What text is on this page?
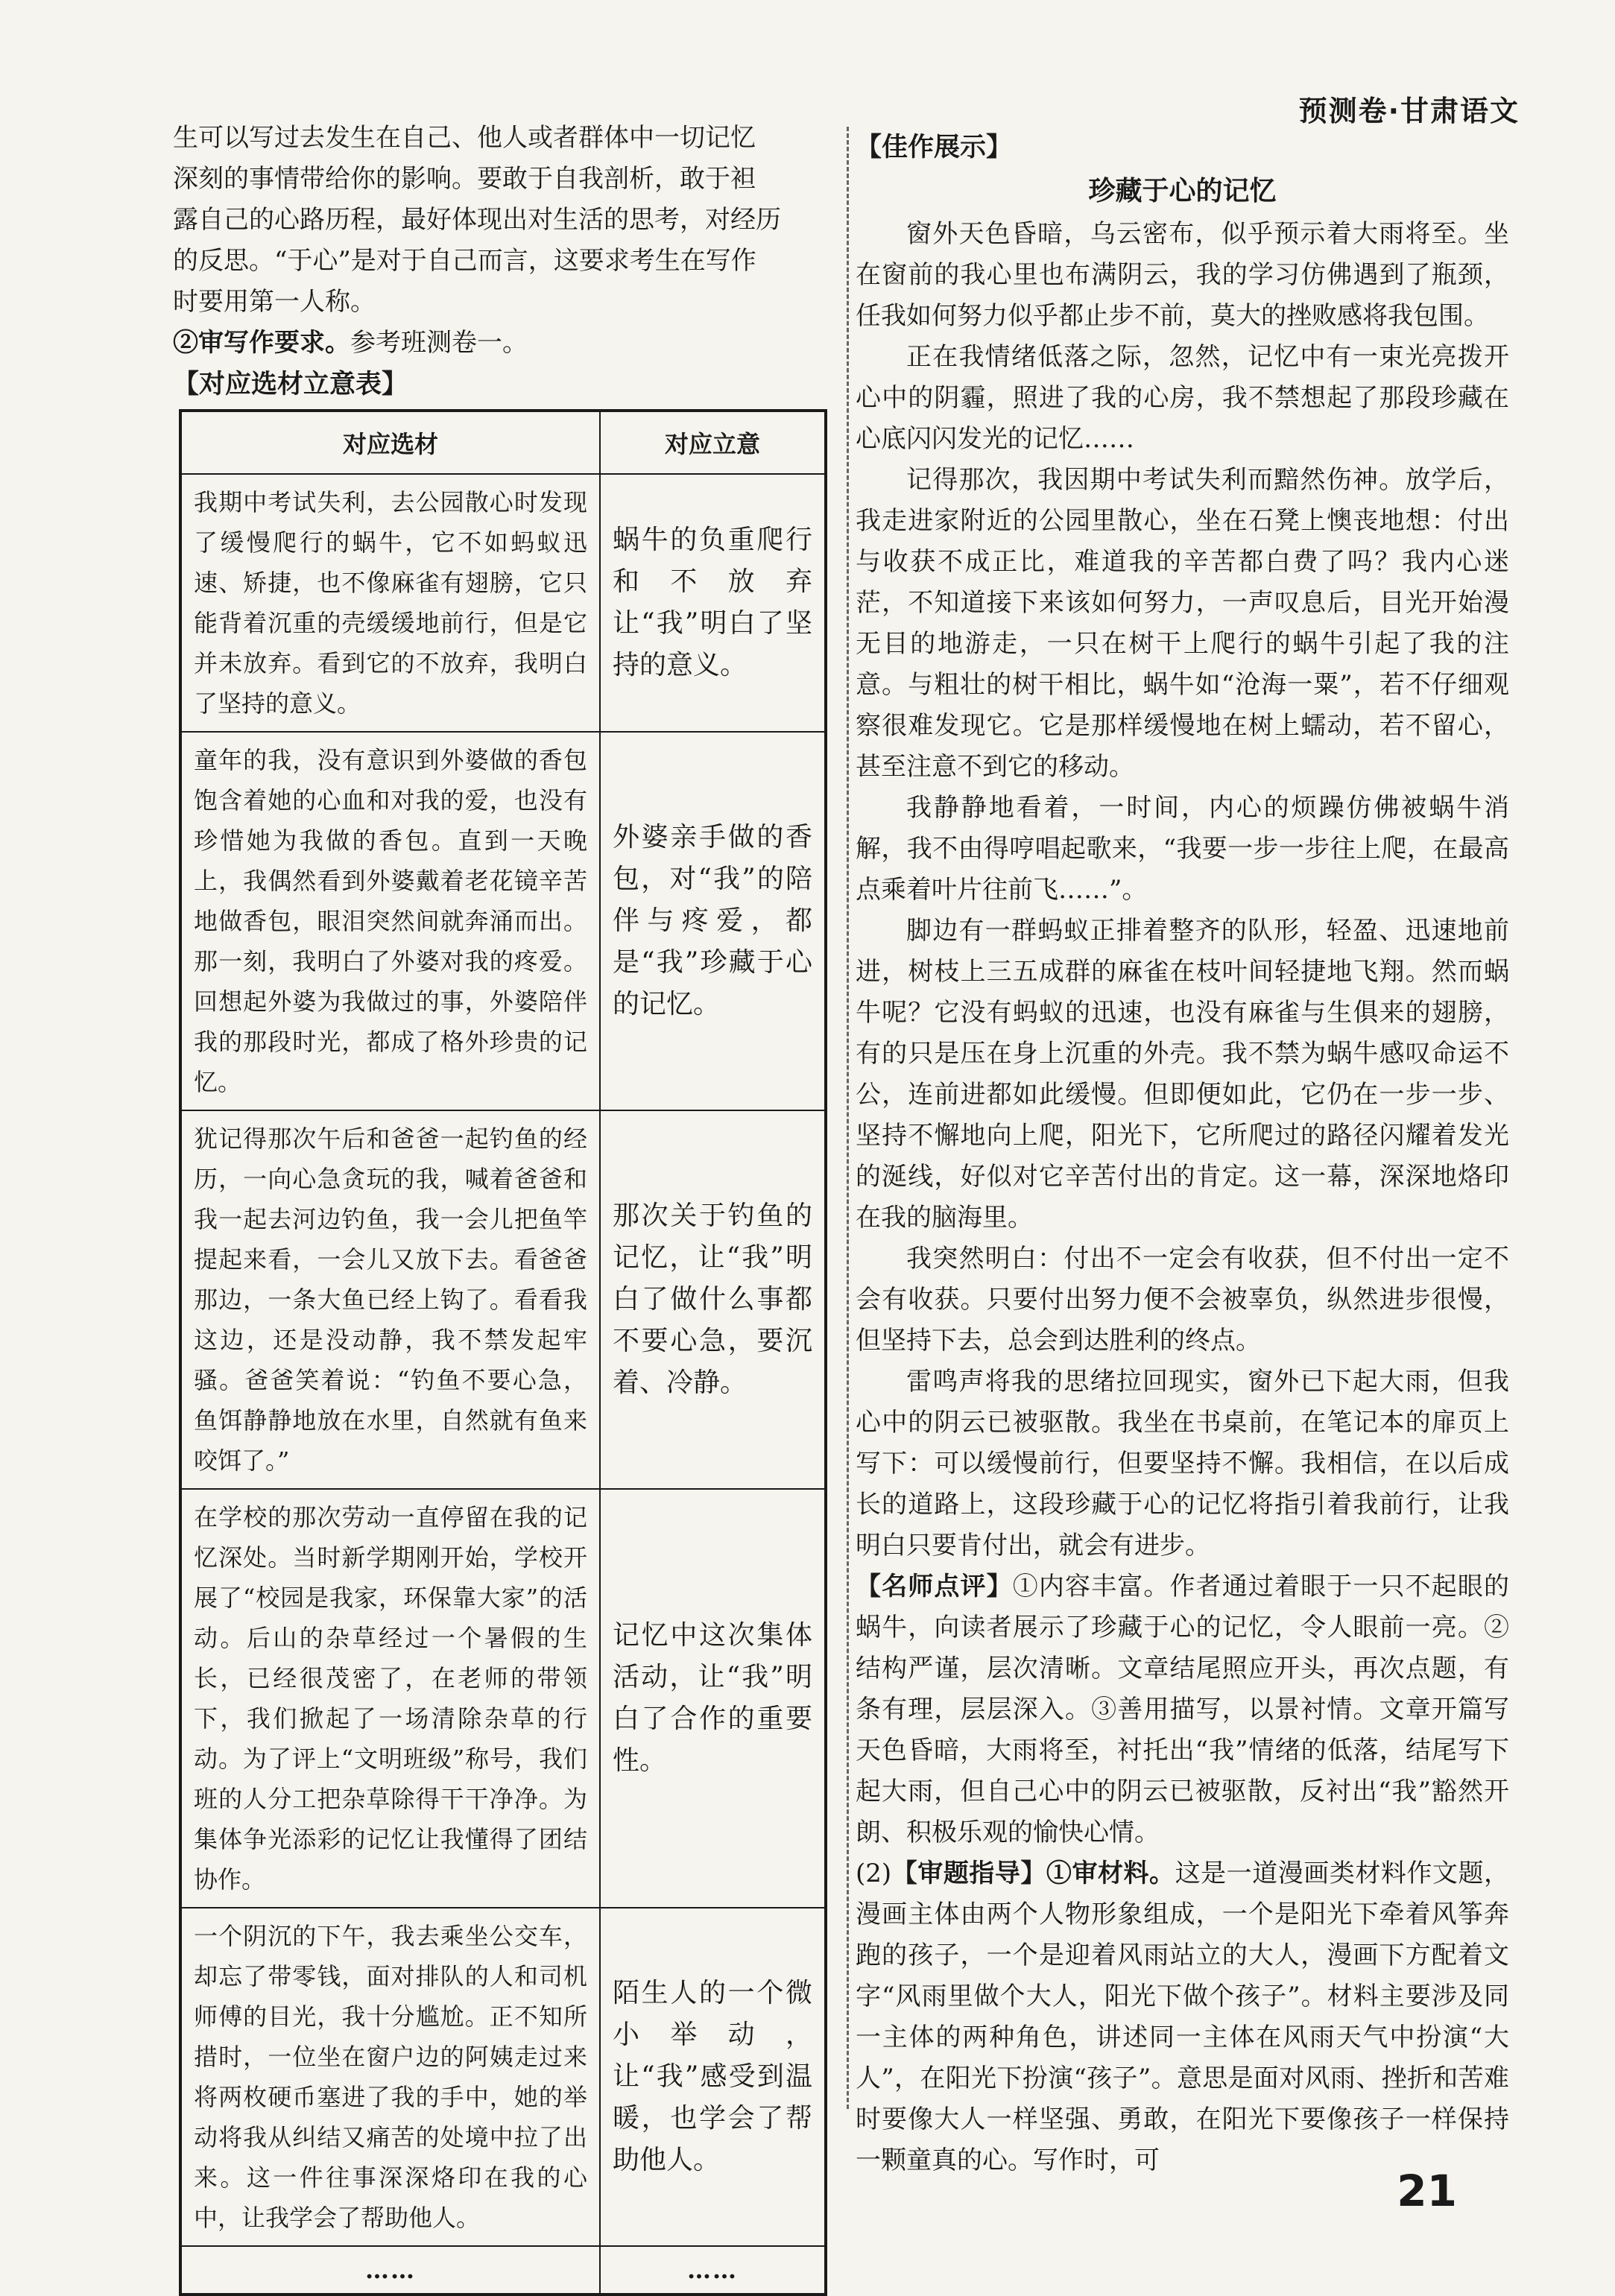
预测卷·甘肃语文

生可以写过去发生在自己、他人或者群体中一切记忆

深刻的事情带给你的影响。要敢于自我剖析，敢于袒

露自己的心路历程，最好体现出对生活的思考，对经历

的反思。“于心”是对于自己而言，这要求考生在写作

时要用第一人称。

②审写作要求。参考班测卷一。

【对应选材立意表】

对应选材	对应立意
我期中考试失利，去公园散心时发现了缓慢爬行的蜗牛，它不如蚂蚁迅速、矫捷，也不像麻雀有翅膀，它只能背着沉重的壳缓缓地前行，但是它并未放弃。看到它的不放弃，我明白了坚持的意义。	蜗牛的负重爬行和不放弃让“我”明白了坚持的意义。
童年的我，没有意识到外婆做的香包饱含着她的心血和对我的爱，也没有珍惜她为我做的香包。直到一天晚上，我偶然看到外婆戴着老花镜辛苦地做香包，眼泪突然间就奔涌而出。那一刻，我明白了外婆对我的疼爱。回想起外婆为我做过的事，外婆陪伴我的那段时光，都成了格外珍贵的记忆。	外婆亲手做的香包，对“我”的陪伴与疼爱，都是“我”珍藏于心的记忆。
犹记得那次午后和爸爸一起钓鱼的经历，一向心急贪玩的我，喊着爸爸和我一起去河边钓鱼，我一会儿把鱼竿提起来看，一会儿又放下去。看爸爸那边，一条大鱼已经上钩了。看看我这边，还是没动静，我不禁发起牢骚。爸爸笑着说：“钓鱼不要心急，鱼饵静静地放在水里，自然就有鱼来咬饵了。”	那次关于钓鱼的记忆，让“我”明白了做什么事都不要心急，要沉着、冷静。
在学校的那次劳动一直停留在我的记忆深处。当时新学期刚开始，学校开展了“校园是我家，环保靠大家”的活动。后山的杂草经过一个暑假的生长，已经很茂密了，在老师的带领下，我们掀起了一场清除杂草的行动。为了评上“文明班级”称号，我们班的人分工把杂草除得干干净净。为集体争光添彩的记忆让我懂得了团结协作。	记忆中这次集体活动，让“我”明白了合作的重要性。
一个阴沉的下午，我去乘坐公交车，却忘了带零钱，面对排队的人和司机师傅的目光，我十分尴尬。正不知所措时，一位坐在窗户边的阿姨走过来将两枚硬币塞进了我的手中，她的举动将我从纠结又痛苦的处境中拉了出来。这一件往事深深烙印在我的心中，让我学会了帮助他人。	陌生人的一个微小举动，让“我”感受到温暖，也学会了帮助他人。
……	……

【佳作展示】

珍藏于心的记忆

窗外天色昏暗，乌云密布，似乎预示着大雨将至。坐在窗前的我心里也布满阴云，我的学习仿佛遇到了瓶颈，任我如何努力似乎都止步不前，莫大的挫败感将我包围。

正在我情绪低落之际，忽然，记忆中有一束光亮拨开心中的阴霾，照进了我的心房，我不禁想起了那段珍藏在心底闪闪发光的记忆……

记得那次，我因期中考试失利而黯然伤神。放学后，我走进家附近的公园里散心，坐在石凳上懊丧地想：付出与收获不成正比，难道我的辛苦都白费了吗？我内心迷茫，不知道接下来该如何努力，一声叹息后，目光开始漫无目的地游走，一只在树干上爬行的蜗牛引起了我的注意。与粗壮的树干相比，蜗牛如“沧海一粟”，若不仔细观察很难发现它。它是那样缓慢地在树上蠕动，若不留心，甚至注意不到它的移动。

我静静地看着，一时间，内心的烦躁仿佛被蜗牛消解，我不由得哼唱起歌来，“我要一步一步往上爬，在最高点乘着叶片往前飞……”。

脚边有一群蚂蚁正排着整齐的队形，轻盈、迅速地前进，树枝上三五成群的麻雀在枝叶间轻捷地飞翔。然而蜗牛呢？它没有蚂蚁的迅速，也没有麻雀与生俱来的翅膀，有的只是压在身上沉重的外壳。我不禁为蜗牛感叹命运不公，连前进都如此缓慢。但即便如此，它仍在一步一步、坚持不懈地向上爬，阳光下，它所爬过的路径闪耀着发光的涎线，好似对它辛苦付出的肯定。这一幕，深深地烙印在我的脑海里。

我突然明白：付出不一定会有收获，但不付出一定不会有收获。只要付出努力便不会被辜负，纵然进步很慢，但坚持下去，总会到达胜利的终点。

雷鸣声将我的思绪拉回现实，窗外已下起大雨，但我心中的阴云已被驱散。我坐在书桌前，在笔记本的扉页上写下：可以缓慢前行，但要坚持不懈。我相信，在以后成长的道路上，这段珍藏于心的记忆将指引着我前行，让我明白只要肯付出，就会有进步。

【名师点评】①内容丰富。作者通过着眼于一只不起眼的蜗牛，向读者展示了珍藏于心的记忆，令人眼前一亮。②结构严谨，层次清晰。文章结尾照应开头，再次点题，有条有理，层层深入。③善用描写，以景衬情。文章开篇写天色昏暗，大雨将至，衬托出“我”情绪的低落，结尾写下起大雨，但自己心中的阴云已被驱散，反衬出“我”豁然开朗、积极乐观的愉快心情。

(2)【审题指导】①审材料。这是一道漫画类材料作文题，漫画主体由两个人物形象组成，一个是阳光下牵着风筝奔跑的孩子，一个是迎着风雨站立的大人，漫画下方配着文字“风雨里做个大人，阳光下做个孩子”。材料主要涉及同一主体的两种角色，讲述同一主体在风雨天气中扮演“大人”，在阳光下扮演“孩子”。意思是面对风雨、挫折和苦难时要像大人一样坚强、勇敢，在阳光下要像孩子一样保持一颗童真的心。写作时，可

21
